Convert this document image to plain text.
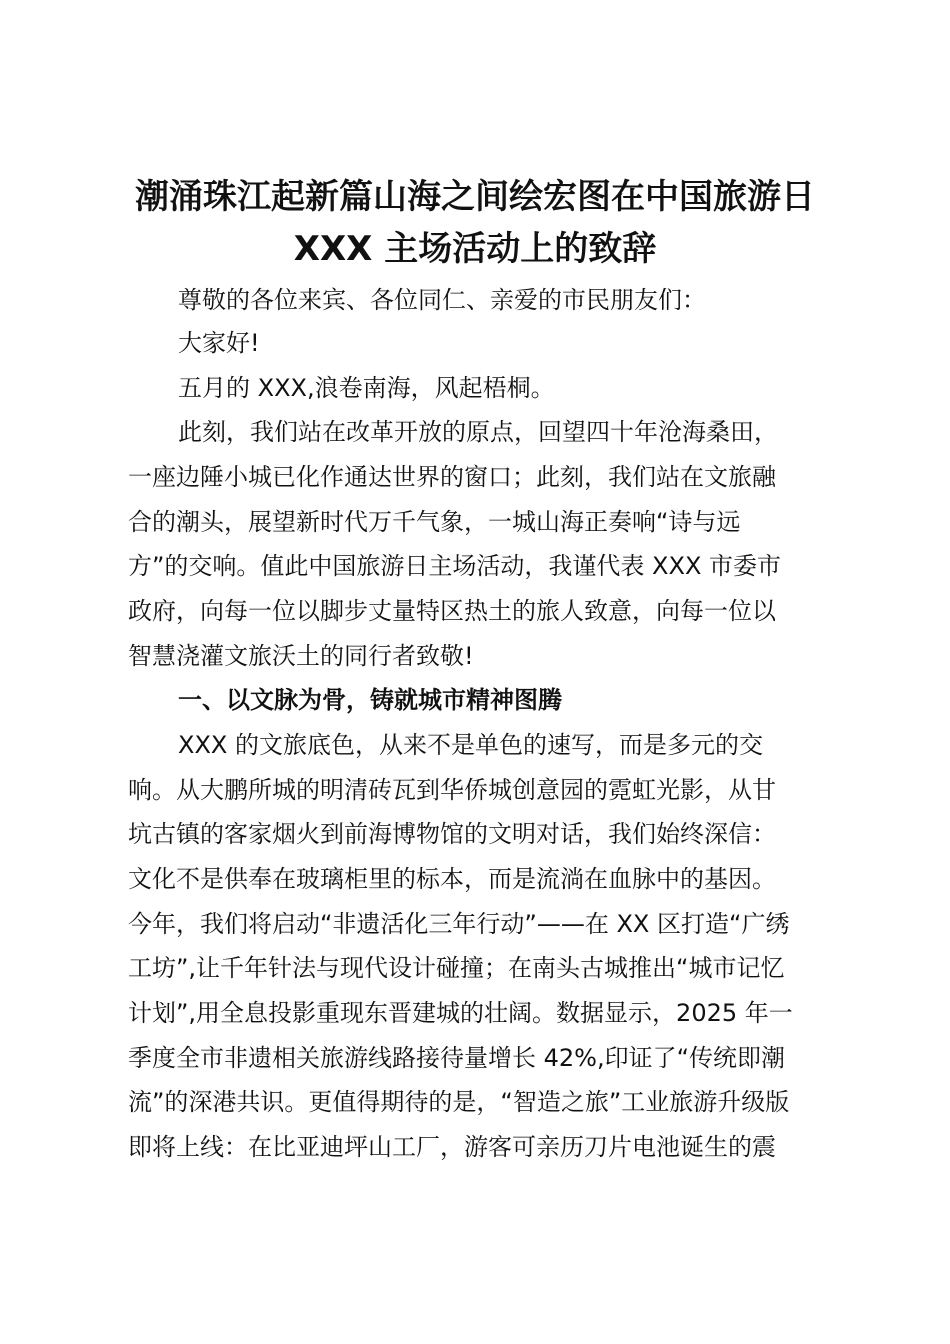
潮涌珠江起新篇山海之间绘宏图在中国旅游日
XXX 主场活动上的致辞

尊敬的各位来宾、各位同仁、亲爱的市民朋友们：

大家好!

五月的 XXX,浪卷南海，风起梧桐。

此刻，我们站在改革开放的原点，回望四十年沧海桑田，

一座边陲小城已化作通达世界的窗口；此刻，我们站在文旅融

合的潮头，展望新时代万千气象，一城山海正奏响“诗与远

方”的交响。值此中国旅游日主场活动，我谨代表 XXX 市委市

政府，向每一位以脚步丈量特区热土的旅人致意，向每一位以

智慧浇灌文旅沃土的同行者致敬!

一、以文脉为骨，铸就城市精神图腾

XXX 的文旅底色，从来不是单色的速写，而是多元的交

响。从大鹏所城的明清砖瓦到华侨城创意园的霓虹光影，从甘

坑古镇的客家烟火到前海博物馆的文明对话，我们始终深信：

文化不是供奉在玻璃柜里的标本，而是流淌在血脉中的基因。

今年，我们将启动“非遗活化三年行动”——在 XX 区打造“广绣

工坊”,让千年针法与现代设计碰撞；在南头古城推出“城市记忆

计划”,用全息投影重现东晋建城的壮阔。数据显示，2025 年一

季度全市非遗相关旅游线路接待量增长 42%,印证了“传统即潮

流”的深港共识。更值得期待的是，“智造之旅”工业旅游升级版

即将上线：在比亚迪坪山工厂，游客可亲历刀片电池诞生的震
